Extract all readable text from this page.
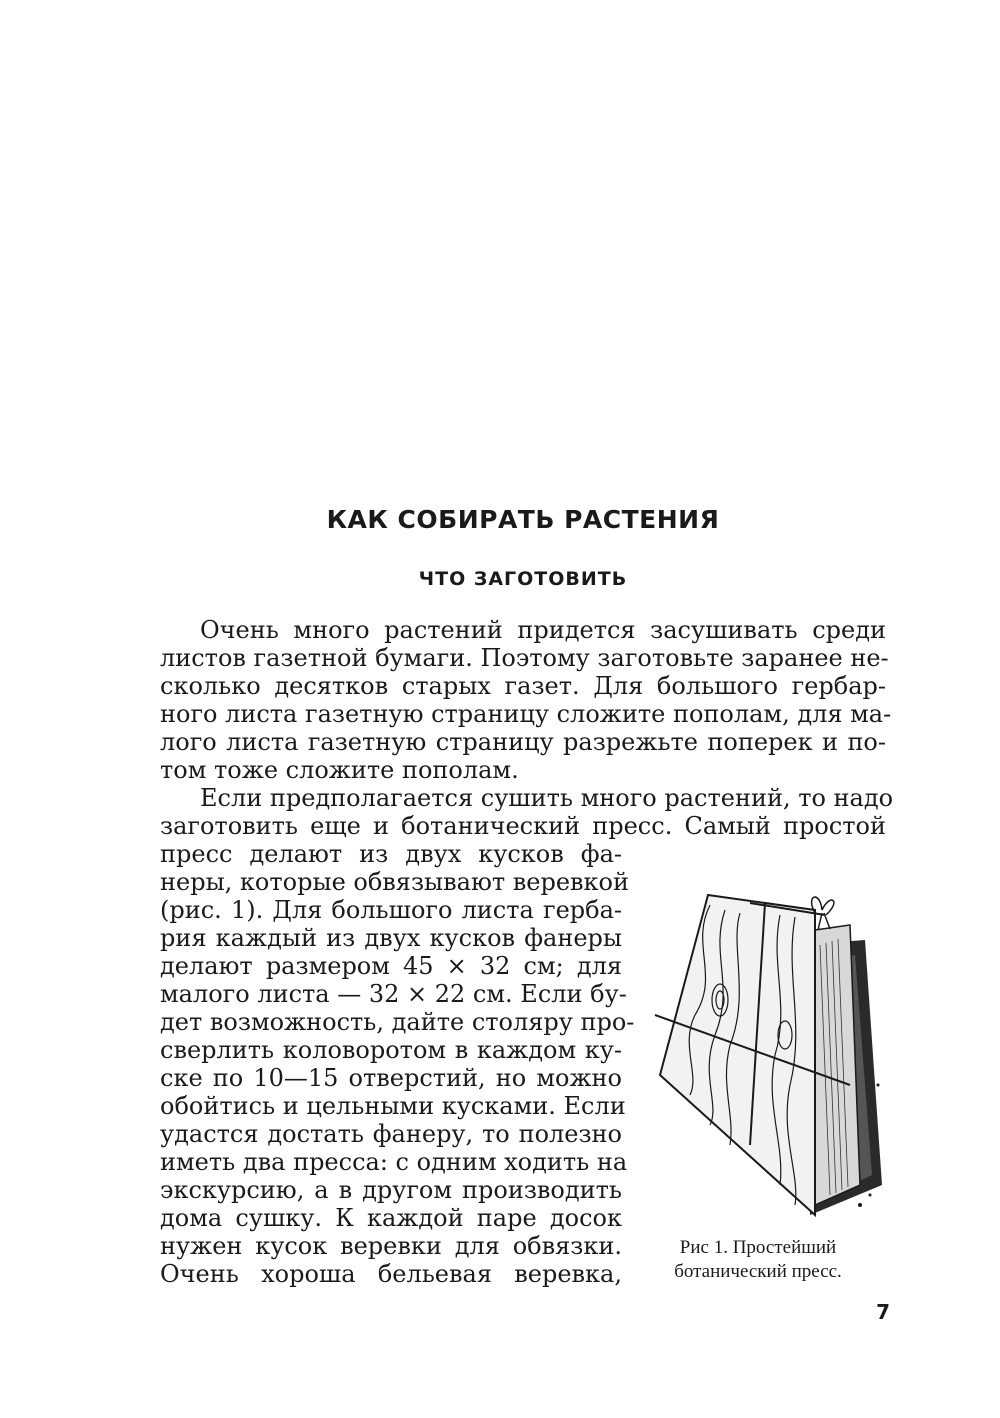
КАК СОБИРАТЬ РАСТЕНИЯ
ЧТО ЗАГОТОВИТЬ
Очень много растений придется засушивать среди
листов газетной бумаги. Поэтому заготовьте заранее не-
сколько десятков старых газет. Для большого гербар-
ного листа газетную страницу сложите пополам, для ма-
лого листа газетную страницу разрежьте поперек и по-
том тоже сложите пополам.
Если предполагается сушить много растений, то надо
заготовить еще и ботанический пресс. Самый простой
пресс делают из двух кусков фа-
неры, которые обвязывают веревкой
(рис. 1). Для большого листа герба-
рия каждый из двух кусков фанеры
делают размером 45 × 32 см; для
малого листа — 32 × 22 см. Если бу-
дет возможность, дайте столяру про-
сверлить коловоротом в каждом ку-
ске по 10—15 отверстий, но можно
обойтись и цельными кусками. Если
удастся достать фанеру, то полезно
иметь два пресса: с одним ходить на
экскурсию, а в другом производить
дома сушку. К каждой паре досок
нужен кусок веревки для обвязки.
Очень хороша бельевая веревка,
Рис 1. Простейший
ботанический пресс.
7
